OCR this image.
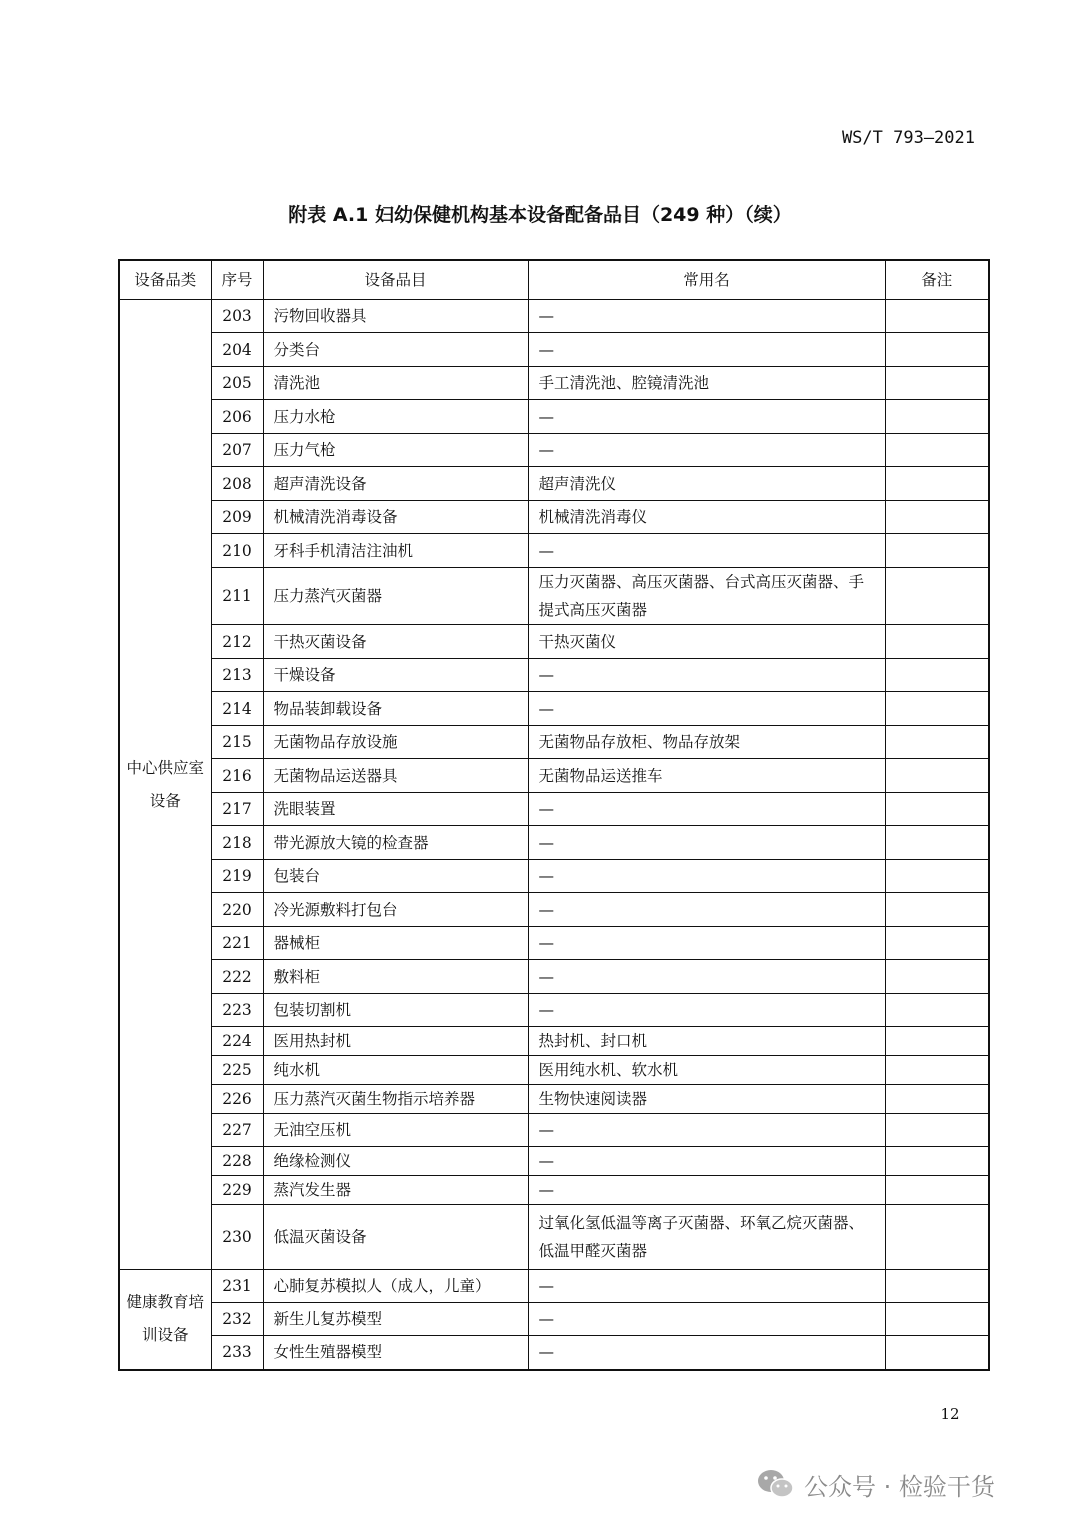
WS/T 793—2021
附表 A.1 妇幼保健机构基本设备配备品目（249 种）（续）
设备品类	序号	设备品目	常用名	备注
中心供应室设备	203	污物回收器具	—	
	204	分类台	—	
	205	清洗池	手工清洗池、腔镜清洗池	
	206	压力水枪	—	
	207	压力气枪	—	
	208	超声清洗设备	超声清洗仪	
	209	机械清洗消毒设备	机械清洗消毒仪	
	210	牙科手机清洁注油机	—	
	211	压力蒸汽灭菌器	压力灭菌器、高压灭菌器、台式高压灭菌器、手提式高压灭菌器	
	212	干热灭菌设备	干热灭菌仪	
	213	干燥设备	—	
	214	物品装卸载设备	—	
	215	无菌物品存放设施	无菌物品存放柜、物品存放架	
	216	无菌物品运送器具	无菌物品运送推车	
	217	洗眼装置	—	
	218	带光源放大镜的检查器	—	
	219	包装台	—	
	220	冷光源敷料打包台	—	
	221	器械柜	—	
	222	敷料柜	—	
	223	包装切割机	—	
	224	医用热封机	热封机、封口机	
	225	纯水机	医用纯水机、软水机	
	226	压力蒸汽灭菌生物指示培养器	生物快速阅读器	
	227	无油空压机	—	
	228	绝缘检测仪	—	
	229	蒸汽发生器	—	
	230	低温灭菌设备	过氧化氢低温等离子灭菌器、环氧乙烷灭菌器、低温甲醛灭菌器	
健康教育培训设备	231	心肺复苏模拟人（成人，儿童）	—	
	232	新生儿复苏模型	—	
	233	女性生殖器模型	—	
12
公众号 · 检验干货
